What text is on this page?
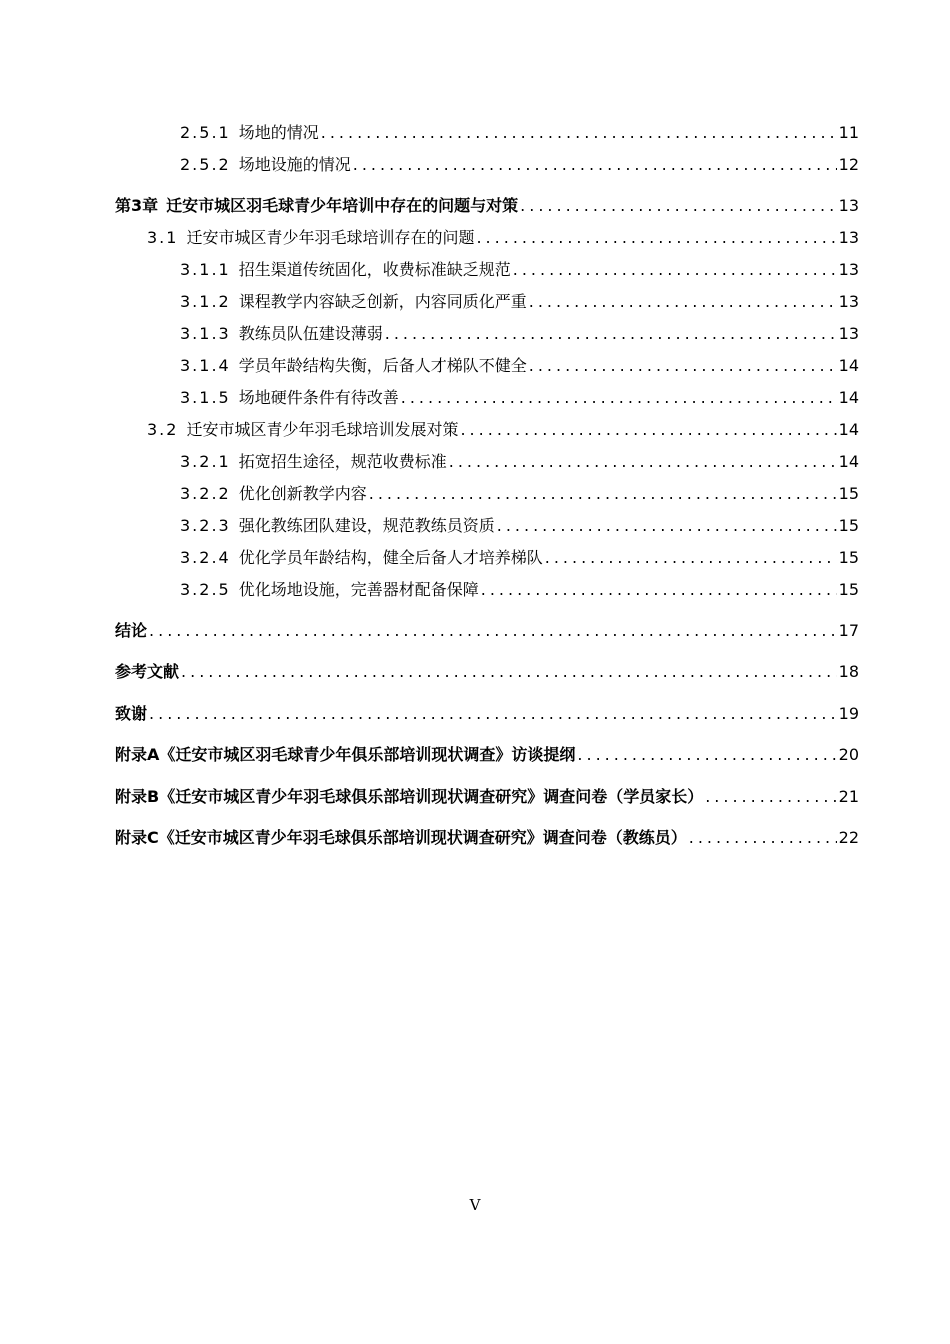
2.5.1 场地的情况 .....	11
2.5.2 场地设施的情况 .....	12
第3章 迁安市城区羽毛球青少年培训中存在的问题与对策 .....	13
3.1 迁安市城区青少年羽毛球培训存在的问题 .....	13
3.1.1 招生渠道传统固化，收费标准缺乏规范 .....	13
3.1.2 课程教学内容缺乏创新，内容同质化严重 .....	13
3.1.3 教练员队伍建设薄弱 .....	13
3.1.4 学员年龄结构失衡，后备人才梯队不健全 .....	14
3.1.5 场地硬件条件有待改善 .....	14
3.2 迁安市城区青少年羽毛球培训发展对策 .....	14
3.2.1 拓宽招生途径，规范收费标准 .....	14
3.2.2 优化创新教学内容 .....	15
3.2.3 强化教练团队建设，规范教练员资质 .....	15
3.2.4 优化学员年龄结构，健全后备人才培养梯队 .....	15
3.2.5 优化场地设施，完善器材配备保障 .....	15
结论 .....	17
参考文献 .....	18
致谢 .....	19
附录A《迁安市城区羽毛球青少年俱乐部培训现状调查》访谈提纲 .....	20
附录B《迁安市城区青少年羽毛球俱乐部培训现状调查研究》调查问卷（学员家长） .....	21
附录C《迁安市城区青少年羽毛球俱乐部培训现状调查研究》调查问卷（教练员） .....	22
V
